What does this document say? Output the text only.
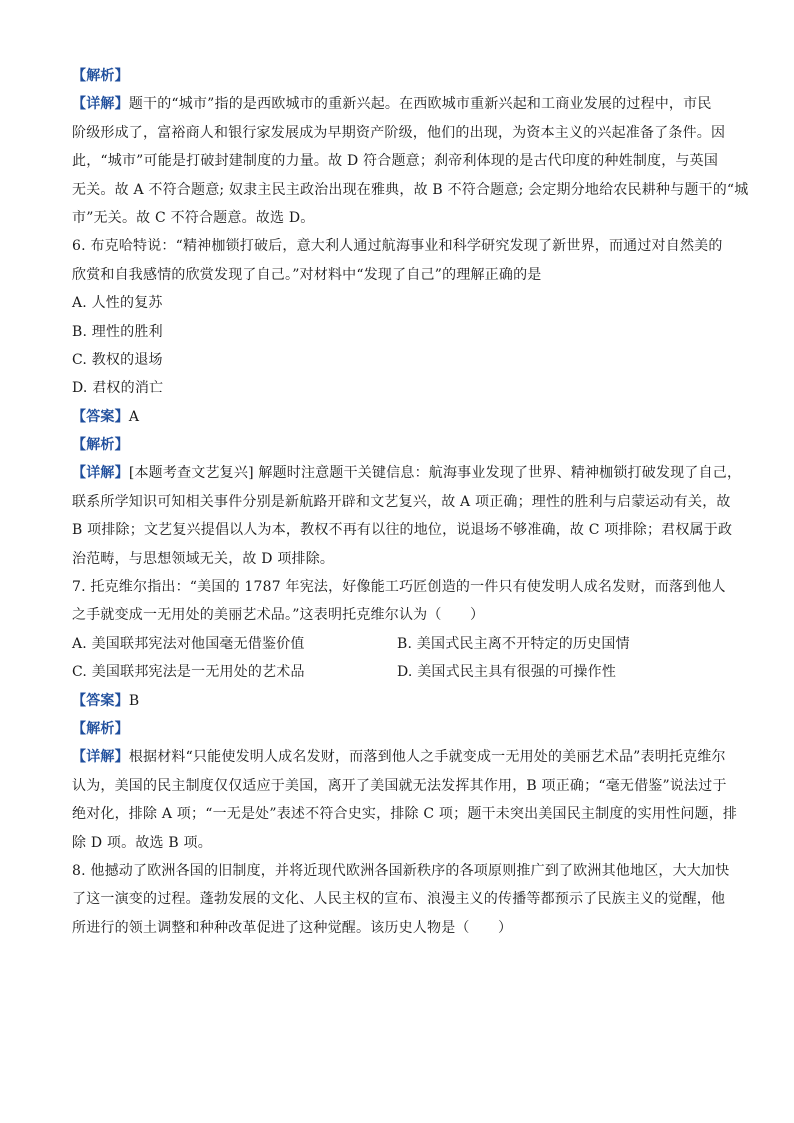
【解析】
【详解】题干的“城市”指的是西欧城市的重新兴起。在西欧城市重新兴起和工商业发展的过程中，市民
阶级形成了，富裕商人和银行家发展成为早期资产阶级，他们的出现，为资本主义的兴起准备了条件。因
此，“城市”可能是打破封建制度的力量。故 D 符合题意；刹帝利体现的是古代印度的种姓制度，与英国
无关。故 A 不符合题意; 奴隶主民主政治出现在雅典，故 B 不符合题意; 会定期分地给农民耕种与题干的“城
市”无关。故 C 不符合题意。故选 D。
6. 布克哈特说：“精神枷锁打破后，意大利人通过航海事业和科学研究发现了新世界，而通过对自然美的
欣赏和自我感情的欣赏发现了自己。”对材料中“发现了自己”的理解正确的是
A. 人性的复苏
B. 理性的胜利
C. 教权的退场
D. 君权的消亡
【答案】A
【解析】
【详解】[本题考查文艺复兴] 解题时注意题干关键信息：航海事业发现了世界、精神枷锁打破发现了自己，
联系所学知识可知相关事件分别是新航路开辟和文艺复兴，故 A 项正确；理性的胜利与启蒙运动有关，故
B 项排除；文艺复兴提倡以人为本，教权不再有以往的地位，说退场不够准确，故 C 项排除；君权属于政
治范畴，与思想领域无关，故 D 项排除。
7. 托克维尔指出：“美国的 1787 年宪法，好像能工巧匠创造的一件只有使发明人成名发财，而落到他人
之手就变成一无用处的美丽艺术品。”这表明托克维尔认为（　　）
A. 美国联邦宪法对他国毫无借鉴价值	B. 美国式民主离不开特定的历史国情
C. 美国联邦宪法是一无用处的艺术品	D. 美国式民主具有很强的可操作性
【答案】B
【解析】
【详解】根据材料“只能使发明人成名发财，而落到他人之手就变成一无用处的美丽艺术品”表明托克维尔
认为，美国的民主制度仅仅适应于美国，离开了美国就无法发挥其作用，B 项正确；“毫无借鉴”说法过于
绝对化，排除 A 项；“一无是处”表述不符合史实，排除 C 项；题干未突出美国民主制度的实用性问题，排
除 D 项。故选 B 项。
8. 他撼动了欧洲各国的旧制度，并将近现代欧洲各国新秩序的各项原则推广到了欧洲其他地区，大大加快
了这一演变的过程。蓬勃发展的文化、人民主权的宣布、浪漫主义的传播等都预示了民族主义的觉醒，他
所进行的领土调整和种种改革促进了这种觉醒。该历史人物是（　　）
